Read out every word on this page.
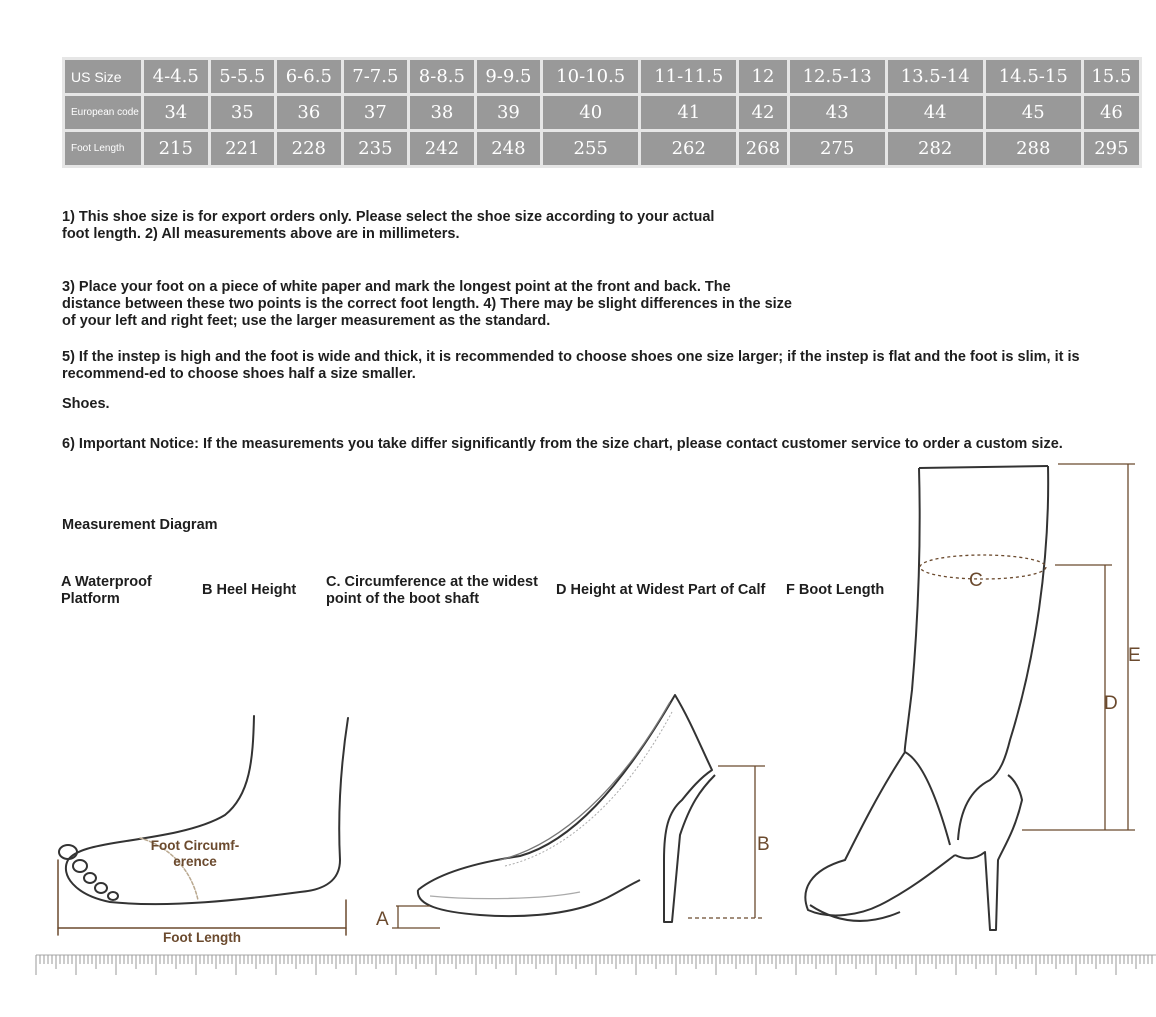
US Size	4-4.5	5-5.5	6-6.5	7-7.5	8-8.5	9-9.5	10-10.5	11-11.5	12	12.5-13	13.5-14	14.5-15	15.5
European code	34	35	36	37	38	39	40	41	42	43	44	45	46
Foot Length	215	221	228	235	242	248	255	262	268	275	282	288	295
1) This shoe size is for export orders only. Please select the shoe size according to your actual foot length. 2) All measurements above are in millimeters.
3) Place your foot on a piece of white paper and mark the longest point at the front and back. The distance between these two points is the correct foot length. 4) There may be slight differences in the size of your left and right feet; use the larger measurement as the standard.
5) If the instep is high and the foot is wide and thick, it is recommended to choose shoes one size larger; if the instep is flat and the foot is slim, it is recommend-ed to choose shoes half a size smaller.
Shoes.
6) Important Notice: If the measurements you take differ significantly from the size chart, please contact customer service to order a custom size.
Measurement Diagram
A Waterproof Platform
B Heel Height C. Circumference at the widest point of the boot shaft
D Height at Widest Part of Calf F Boot Length
A
B
C
D
E
Foot Circumf-erence
Foot Length
